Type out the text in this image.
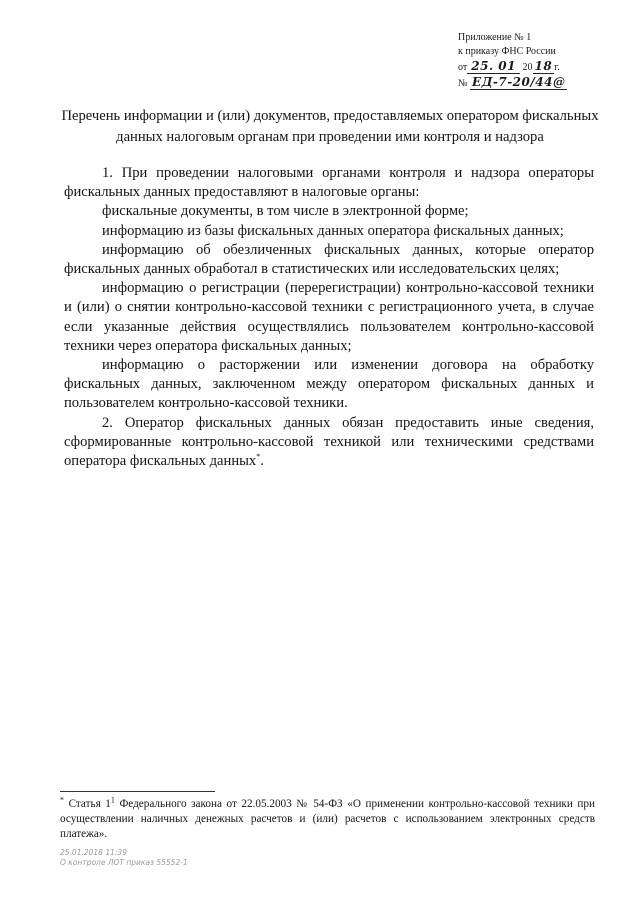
Приложение № 1
к приказу ФНС России
от 25. 01 20 18 г.
№ ЕД-7-20/44@
Перечень информации и (или) документов, предоставляемых оператором фискальных данных налоговым органам при проведении ими контроля и надзора

1. При проведении налоговыми органами контроля и надзора операторы фискальных данных предоставляют в налоговые органы:

фискальные документы, в том числе в электронной форме;

информацию из базы фискальных данных оператора фискальных данных;

информацию об обезличенных фискальных данных, которые оператор фискальных данных обработал в статистических или исследовательских целях;

информацию о регистрации (перерегистрации) контрольно-кассовой техники и (или) о снятии контрольно-кассовой техники с регистрационного учета, в случае если указанные действия осуществлялись пользователем контрольно-кассовой техники через оператора фискальных данных;

информацию о расторжении или изменении договора на обработку фискальных данных, заключенном между оператором фискальных данных и пользователем контрольно-кассовой техники.

2. Оператор фискальных данных обязан предоставить иные сведения, сформированные контрольно-кассовой техникой или техническими средствами оператора фискальных данных*.

* Статья $1^1$ Федерального закона от 22.05.2003 № 54-ФЗ «О применении контрольно-кассовой техники при осуществлении наличных денежных расчетов и (или) расчетов с использованием электронных средств платежа».
25.01.2018 11:39
О контроле ЛОТ приказ 55552-1
